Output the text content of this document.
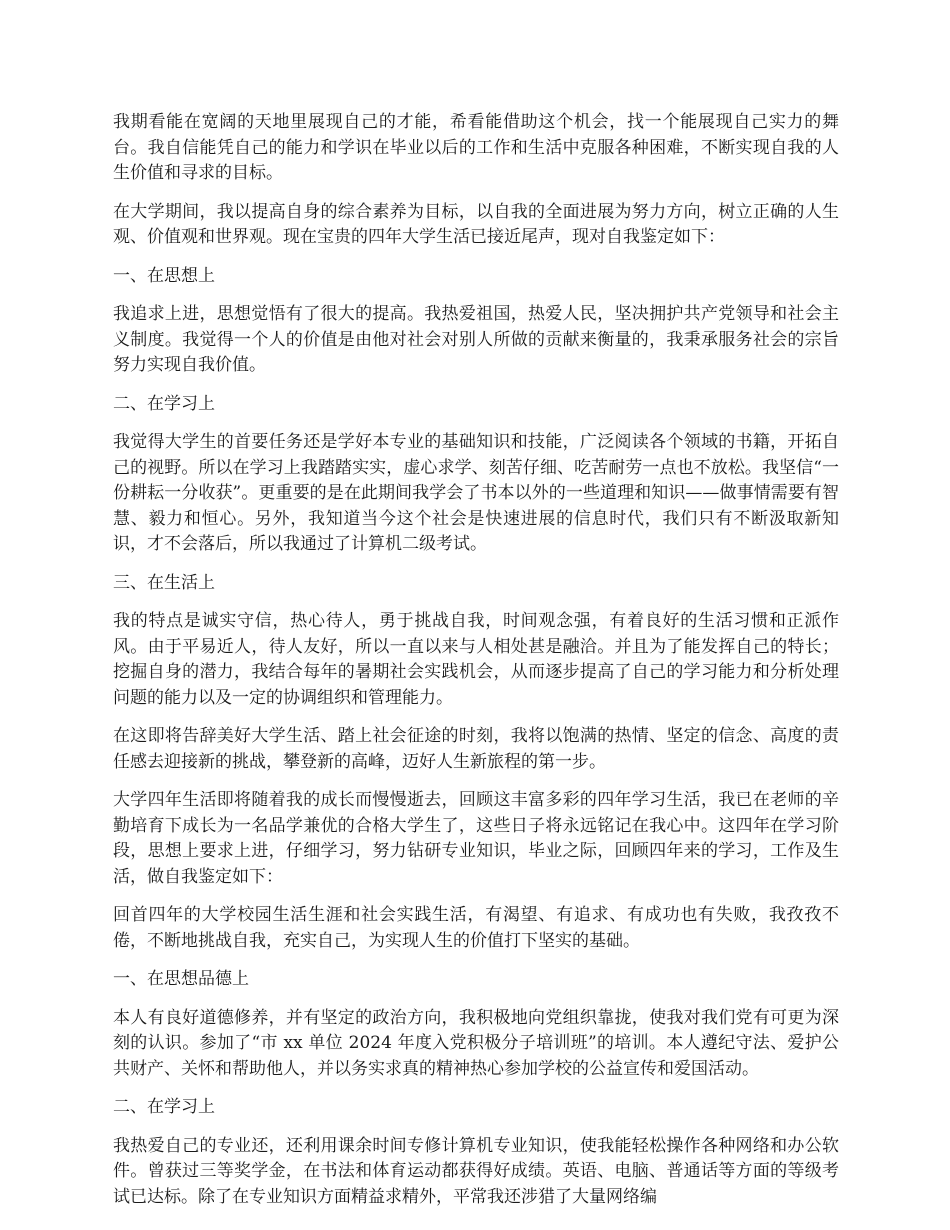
我期看能在宽阔的天地里展现自己的才能，希看能借助这个机会，找一个能展现自己实力的舞台。我自信能凭自己的能力和学识在毕业以后的工作和生活中克服各种困难，不断实现自我的人生价值和寻求的目标。

在大学期间，我以提高自身的综合素养为目标，以自我的全面进展为努力方向，树立正确的人生观、价值观和世界观。现在宝贵的四年大学生活已接近尾声，现对自我鉴定如下：

一、在思想上

我追求上进，思想觉悟有了很大的提高。我热爱祖国，热爱人民，坚决拥护共产党领导和社会主义制度。我觉得一个人的价值是由他对社会对别人所做的贡献来衡量的，我秉承服务社会的宗旨努力实现自我价值。

二、在学习上

我觉得大学生的首要任务还是学好本专业的基础知识和技能，广泛阅读各个领域的书籍，开拓自己的视野。所以在学习上我踏踏实实，虚心求学、刻苦仔细、吃苦耐劳一点也不放松。我坚信“一份耕耘一分收获”。更重要的是在此期间我学会了书本以外的一些道理和知识——做事情需要有智慧、毅力和恒心。另外，我知道当今这个社会是快速进展的信息时代，我们只有不断汲取新知识，才不会落后，所以我通过了计算机二级考试。

三、在生活上

我的特点是诚实守信，热心待人，勇于挑战自我，时间观念强，有着良好的生活习惯和正派作风。由于平易近人，待人友好，所以一直以来与人相处甚是融洽。并且为了能发挥自己的特长；挖掘自身的潜力，我结合每年的暑期社会实践机会，从而逐步提高了自己的学习能力和分析处理问题的能力以及一定的协调组织和管理能力。

在这即将告辞美好大学生活、踏上社会征途的时刻，我将以饱满的热情、坚定的信念、高度的责任感去迎接新的挑战，攀登新的高峰，迈好人生新旅程的第一步。

大学四年生活即将随着我的成长而慢慢逝去，回顾这丰富多彩的四年学习生活，我已在老师的辛勤培育下成长为一名品学兼优的合格大学生了，这些日子将永远铭记在我心中。这四年在学习阶段，思想上要求上进，仔细学习，努力钻研专业知识，毕业之际，回顾四年来的学习，工作及生活，做自我鉴定如下：

回首四年的大学校园生活生涯和社会实践生活，有渴望、有追求、有成功也有失败，我孜孜不倦，不断地挑战自我，充实自己，为实现人生的价值打下坚实的基础。

一、在思想品德上

本人有良好道德修养，并有坚定的政治方向，我积极地向党组织靠拢，使我对我们党有可更为深刻的认识。参加了“市 xx 单位 2024 年度入党积极分子培训班”的培训。本人遵纪守法、爱护公共财产、关怀和帮助他人，并以务实求真的精神热心参加学校的公益宣传和爱国活动。

二、在学习上

我热爱自己的专业还，还利用课余时间专修计算机专业知识，使我能轻松操作各种网络和办公软件。曾获过三等奖学金，在书法和体育运动都获得好成绩。英语、电脑、普通话等方面的等级考试已达标。除了在专业知识方面精益求精外，平常我还涉猎了大量网络编
